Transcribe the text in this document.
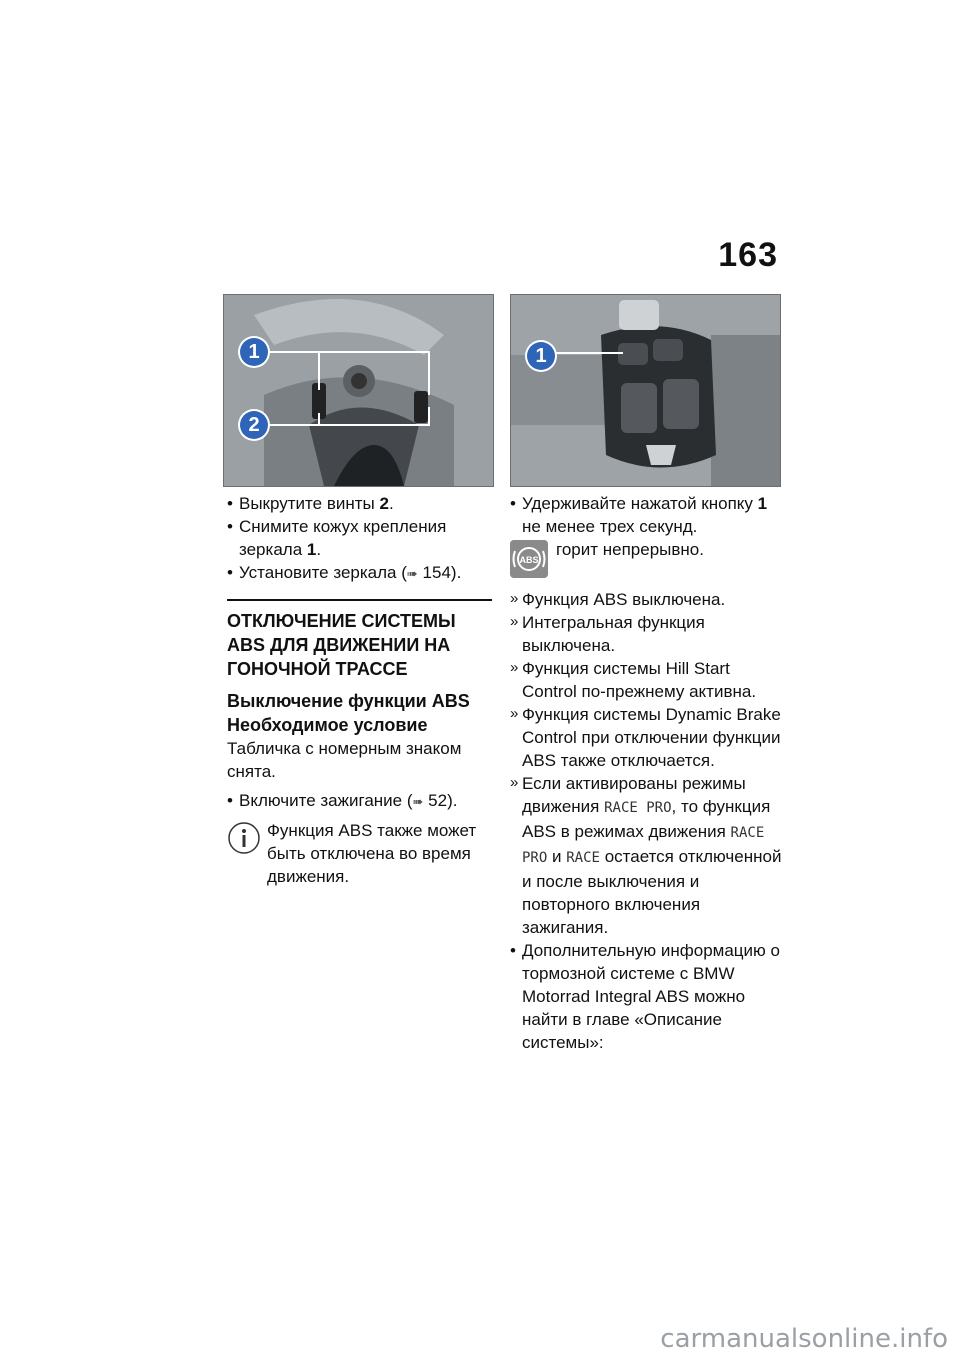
163
1
2
1
• Выкрутите винты 2.
• Снимите кожух крепления зеркала 1.
• Установите зеркала (➠ 154).
ОТКЛЮЧЕНИЕ СИСТЕМЫ ABS ДЛЯ ДВИЖЕНИИ НА ГОНОЧНОЙ ТРАССЕ
Выключение функции ABS
Необходимое условие
Табличка с номерным знаком снята.
• Включите зажигание (➠ 52).
Функция ABS также может быть отключена во время движения.
• Удерживайте нажатой кнопку 1 не менее трех секунд.
ABS
горит непрерывно.
» Функция ABS выключена.
» Интегральная функция выключена.
» Функция системы Hill Start Control по-прежнему активна.
» Функция системы Dynamic Brake Control при отключении функции ABS также отключается.
» Если активированы режимы движения RACE PRO, то функция ABS в режимах движения RACE PRO и RACE остается отключенной и после выключения и повторного включения зажигания.
• Дополнительную информацию о тормозной системе с BMW Motorrad Integral ABS можно найти в главе «Описание системы»:
carmanualsonline.info
